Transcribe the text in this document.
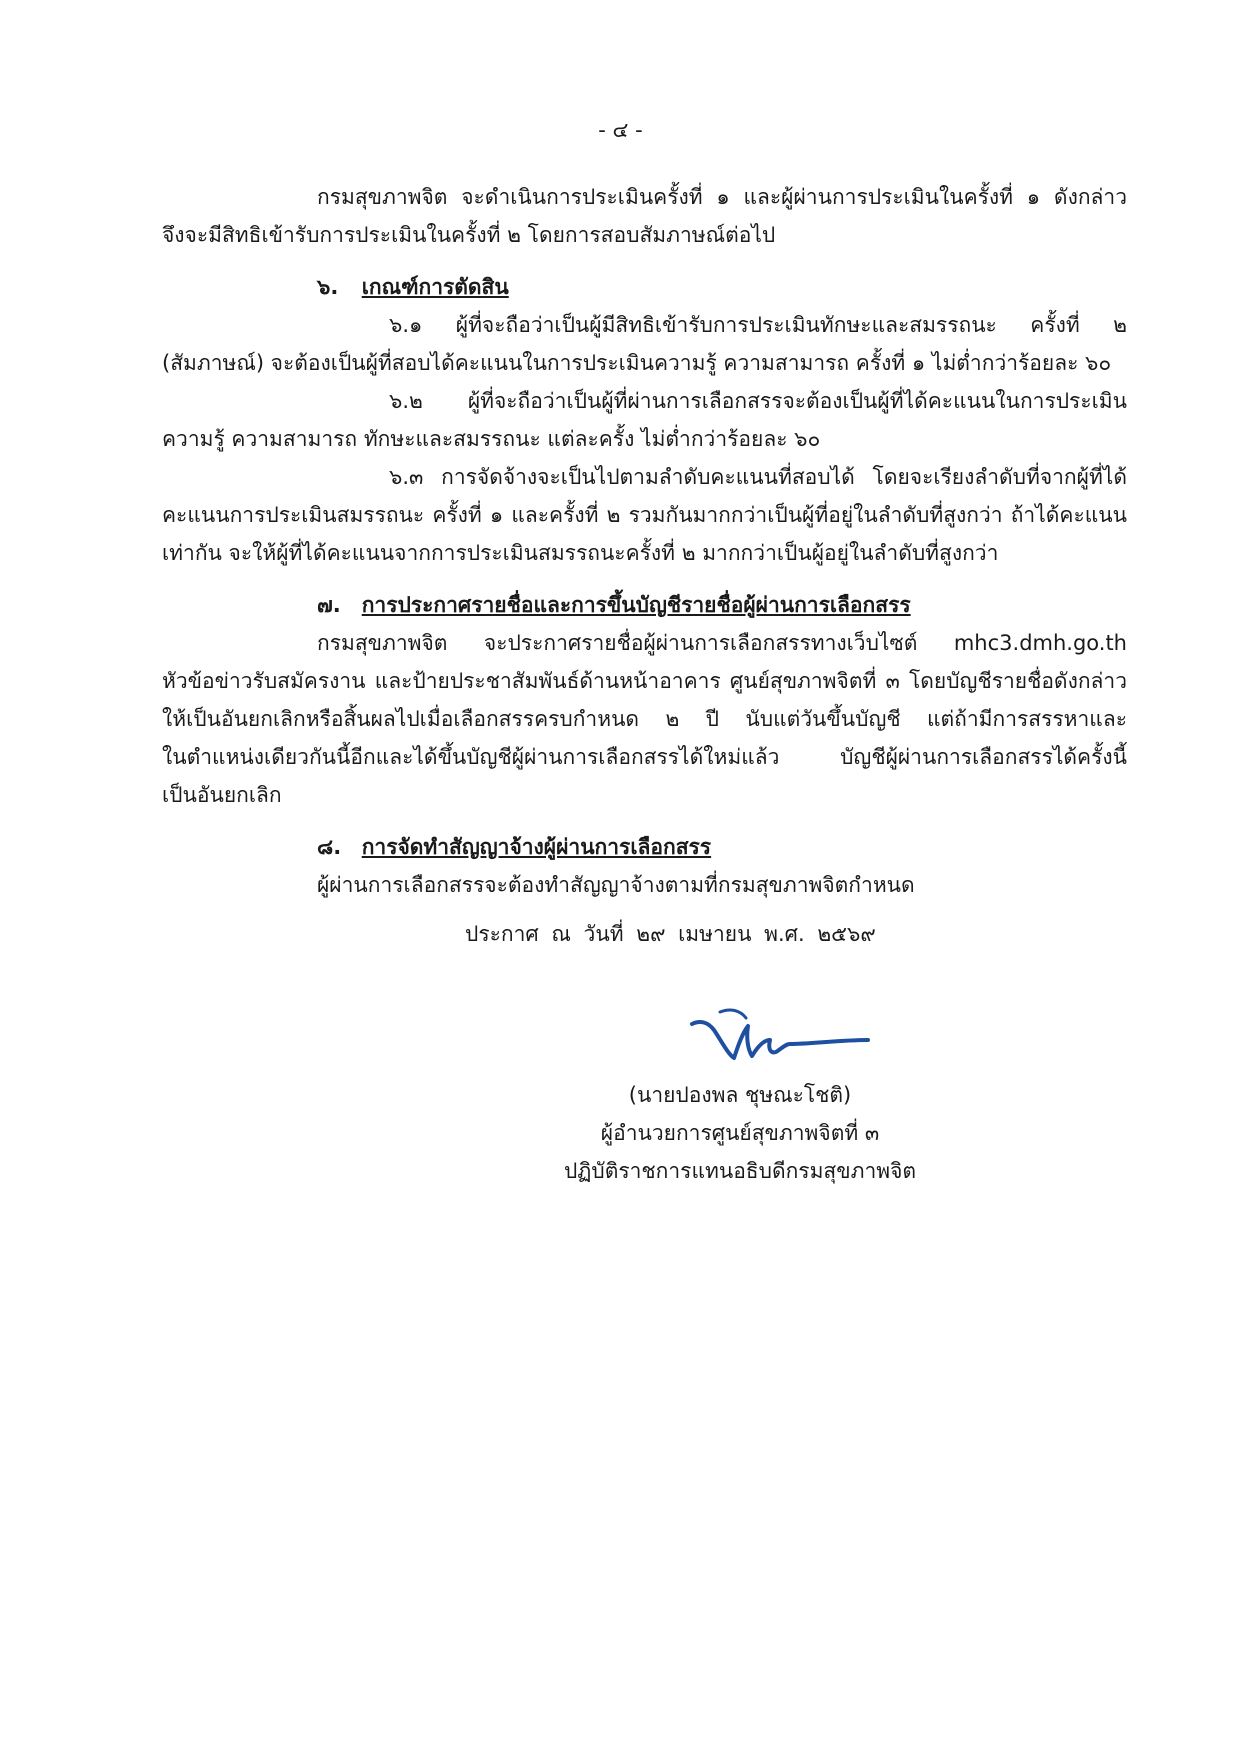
- ๔ -
กรมสุขภาพจิต จะดำเนินการประเมินครั้งที่ ๑ และผู้ผ่านการประเมินในครั้งที่ ๑ ดังกล่าว
จึงจะมีสิทธิเข้ารับการประเมินในครั้งที่ ๒ โดยการสอบสัมภาษณ์ต่อไป
๖. เกณฑ์การตัดสิน
๖.๑ ผู้ที่จะถือว่าเป็นผู้มีสิทธิเข้ารับการประเมินทักษะและสมรรถนะ ครั้งที่ ๒
(สัมภาษณ์) จะต้องเป็นผู้ที่สอบได้คะแนนในการประเมินความรู้ ความสามารถ ครั้งที่ ๑ ไม่ต่ำกว่าร้อยละ ๖๐
๖.๒ ผู้ที่จะถือว่าเป็นผู้ที่ผ่านการเลือกสรรจะต้องเป็นผู้ที่ได้คะแนนในการประเมิน
ความรู้ ความสามารถ ทักษะและสมรรถนะ แต่ละครั้ง ไม่ต่ำกว่าร้อยละ ๖๐
๖.๓ การจัดจ้างจะเป็นไปตามลำดับคะแนนที่สอบได้ โดยจะเรียงลำดับที่จากผู้ที่ได้
คะแนนการประเมินสมรรถนะ ครั้งที่ ๑ และครั้งที่ ๒ รวมกันมากกว่าเป็นผู้ที่อยู่ในลำดับที่สูงกว่า ถ้าได้คะแนน
เท่ากัน จะให้ผู้ที่ได้คะแนนจากการประเมินสมรรถนะครั้งที่ ๒ มากกว่าเป็นผู้อยู่ในลำดับที่สูงกว่า
๗. การประกาศรายชื่อและการขึ้นบัญชีรายชื่อผู้ผ่านการเลือกสรร
กรมสุขภาพจิต จะประกาศรายชื่อผู้ผ่านการเลือกสรรทางเว็บไซต์ mhc3.dmh.go.th
หัวข้อข่าวรับสมัครงาน และป้ายประชาสัมพันธ์ด้านหน้าอาคาร ศูนย์สุขภาพจิตที่ ๓ โดยบัญชีรายชื่อดังกล่าว
ให้เป็นอันยกเลิกหรือสิ้นผลไปเมื่อเลือกสรรครบกำหนด ๒ ปี นับแต่วันขึ้นบัญชี แต่ถ้ามีการสรรหาและ
ในตำแหน่งเดียวกันนี้อีกและได้ขึ้นบัญชีผู้ผ่านการเลือกสรรได้ใหม่แล้ว บัญชีผู้ผ่านการเลือกสรรได้ครั้งนี้
เป็นอันยกเลิก
๘. การจัดทำสัญญาจ้างผู้ผ่านการเลือกสรร
ผู้ผ่านการเลือกสรรจะต้องทำสัญญาจ้างตามที่กรมสุขภาพจิตกำหนด
ประกาศ ณ วันที่ ๒๙ เมษายน พ.ศ. ๒๕๖๙
(นายปองพล ชุษณะโชติ)
ผู้อำนวยการศูนย์สุขภาพจิตที่ ๓
ปฏิบัติราชการแทนอธิบดีกรมสุขภาพจิต
